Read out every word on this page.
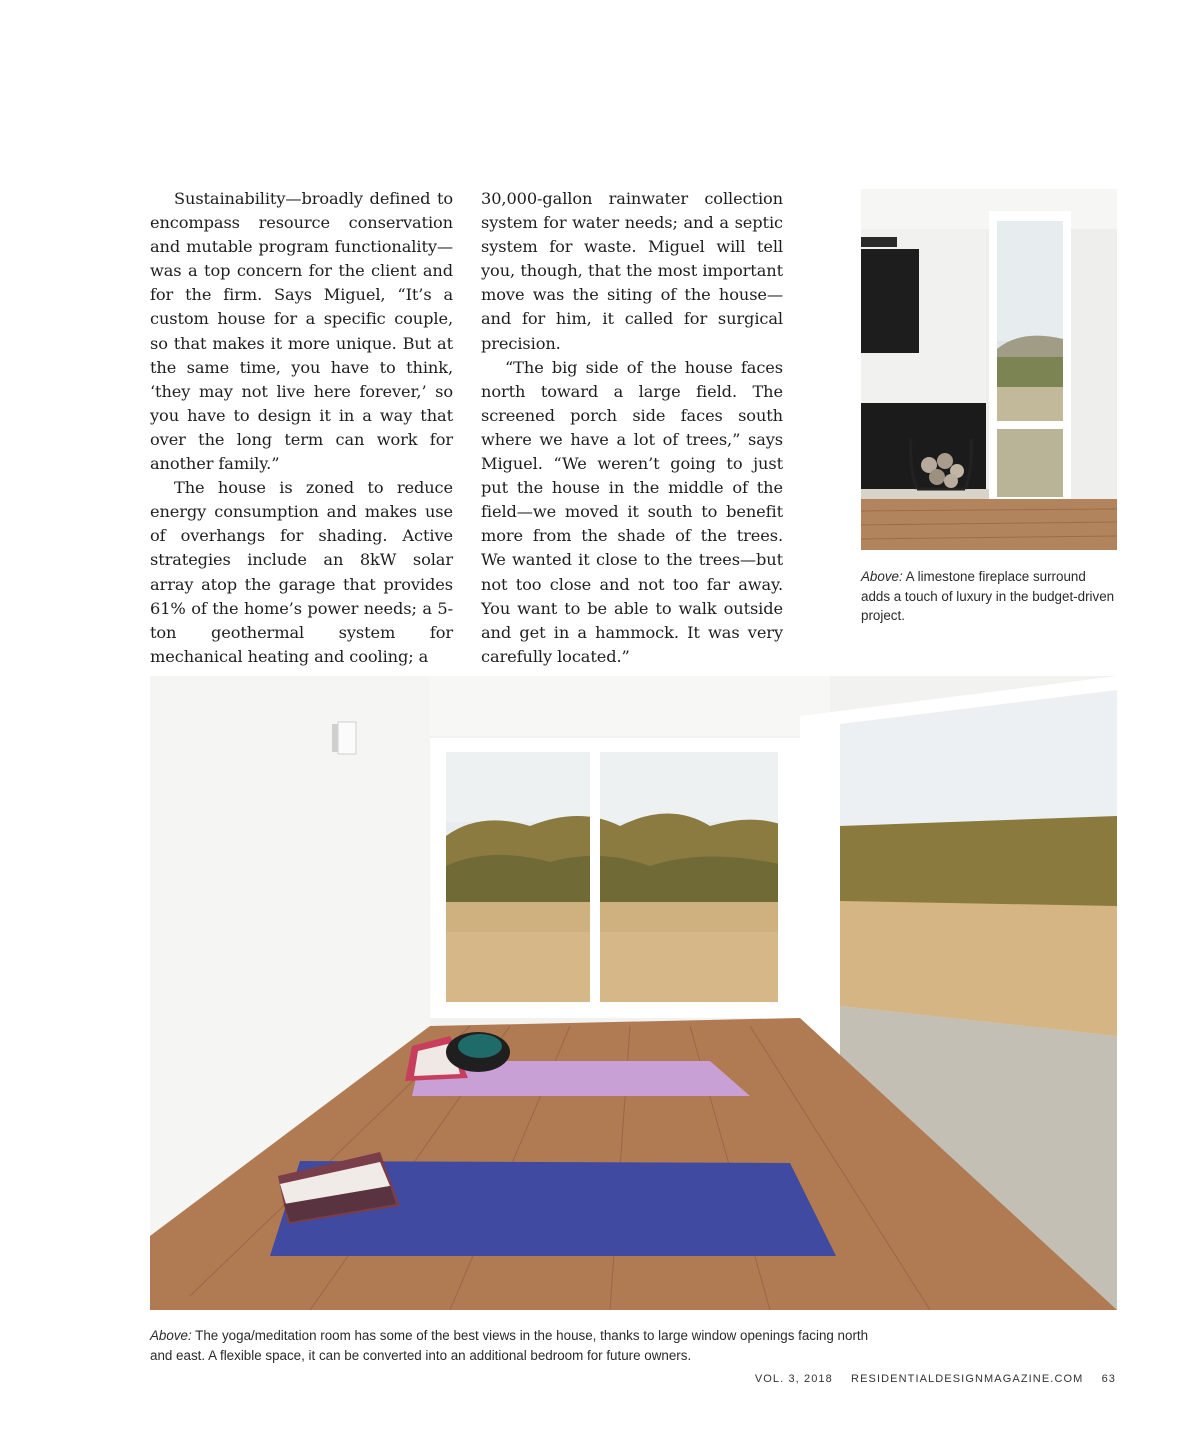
Sustainability—broadly defined to encompass resource conservation and mutable program functionality—was a top concern for the client and for the firm. Says Miguel, “It’s a custom house for a specific couple, so that makes it more unique. But at the same time, you have to think, ‘they may not live here forever,’ so you have to design it in a way that over the long term can work for another family.”

The house is zoned to reduce energy consumption and makes use of overhangs for shading. Active strategies include an 8kW solar array atop the garage that provides 61% of the home’s power needs; a 5-ton geothermal system for mechanical heating and cooling; a

30,000-gallon rainwater collection system for water needs; and a septic system for waste. Miguel will tell you, though, that the most important move was the siting of the house—and for him, it called for surgical precision.

“The big side of the house faces north toward a large field. The screened porch side faces south where we have a lot of trees,” says Miguel. “We weren’t going to just put the house in the middle of the field—we moved it south to benefit more from the shade of the trees. We wanted it close to the trees—but not too close and not too far away. You want to be able to walk outside and get in a hammock. It was very carefully located.”

Above: A limestone fireplace surround adds a touch of luxury in the budget-driven project.
Above: The yoga/meditation room has some of the best views in the house, thanks to large window openings facing north and east. A flexible space, it can be converted into an additional bedroom for future owners.
VOL. 3, 2018 RESIDENTIALDESIGNMAGAZINE.COM 63
